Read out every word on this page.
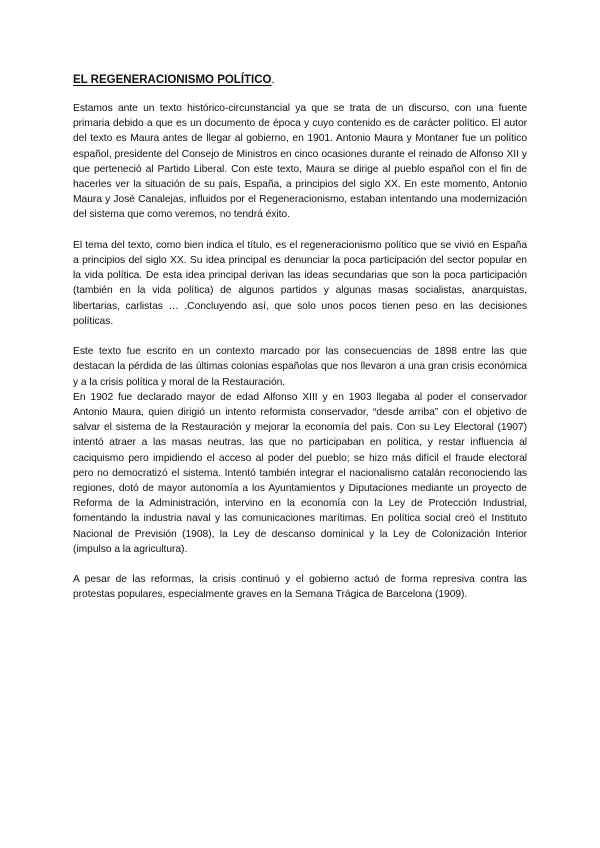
EL REGENERACIONISMO POLÍTICO.

Estamos ante un texto histórico-circunstancial ya que se trata de un discurso, con una fuente primaria debido a que es un documento de época y cuyo contenido es de carácter político. El autor del texto es Maura antes de llegar al gobierno, en 1901. Antonio Maura y Montaner fue un político español, presidente del Consejo de Ministros en cinco ocasiones durante el reinado de Alfonso XII y que perteneció al Partido Liberal. Con este texto, Maura se dirige al pueblo español con el fin de hacerles ver la situación de su país, España, a principios del siglo XX. En este momento, Antonio Maura y José Canalejas, influidos por el Regeneracionismo, estaban intentando una modernización del sistema que como veremos, no tendrá éxito.

El tema del texto, como bien indica el título, es el regeneracionismo político que se vivió en España a principios del siglo XX. Su idea principal es denunciar la poca participación del sector popular en la vida política. De esta idea principal derivan las ideas secundarias que son la poca participación (también en la vida política) de algunos partidos y algunas masas socialistas, anarquistas, libertarias, carlistas … .Concluyendo así, que solo unos pocos tienen peso en las decisiones políticas.

Este texto fue escrito en un contexto marcado por las consecuencias de 1898 entre las que destacan la pérdida de las últimas colonias españolas que nos llevaron a una gran crisis económica y a la crisis política y moral de la Restauración.

En 1902 fue declarado mayor de edad Alfonso XIII y en 1903 llegaba al poder el conservador Antonio Maura, quien dirigió un intento reformista conservador, “desde arriba” con el objetivo de salvar el sistema de la Restauración y mejorar la economía del país. Con su Ley Electoral (1907) intentó atraer a las masas neutras, las que no participaban en política, y restar influencia al caciquismo pero impidiendo el acceso al poder del pueblo; se hizo más difícil el fraude electoral pero no democratizó el sistema. Intentó también integrar el nacionalismo catalán reconociendo las regiones, dotó de mayor autonomía a los Ayuntamientos y Diputaciones mediante un proyecto de Reforma de la Administración, intervino en la economía con la Ley de Protección Industrial, fomentando la industria naval y las comunicaciones marítimas. En política social creó el Instituto Nacional de Previsión (1908), la Ley de descanso dominical y la Ley de Colonización Interior (impulso a la agricultura).

A pesar de las reformas, la crisis continuó y el gobierno actuó de forma represiva contra las protestas populares, especialmente graves en la Semana Trágica de Barcelona (1909).
